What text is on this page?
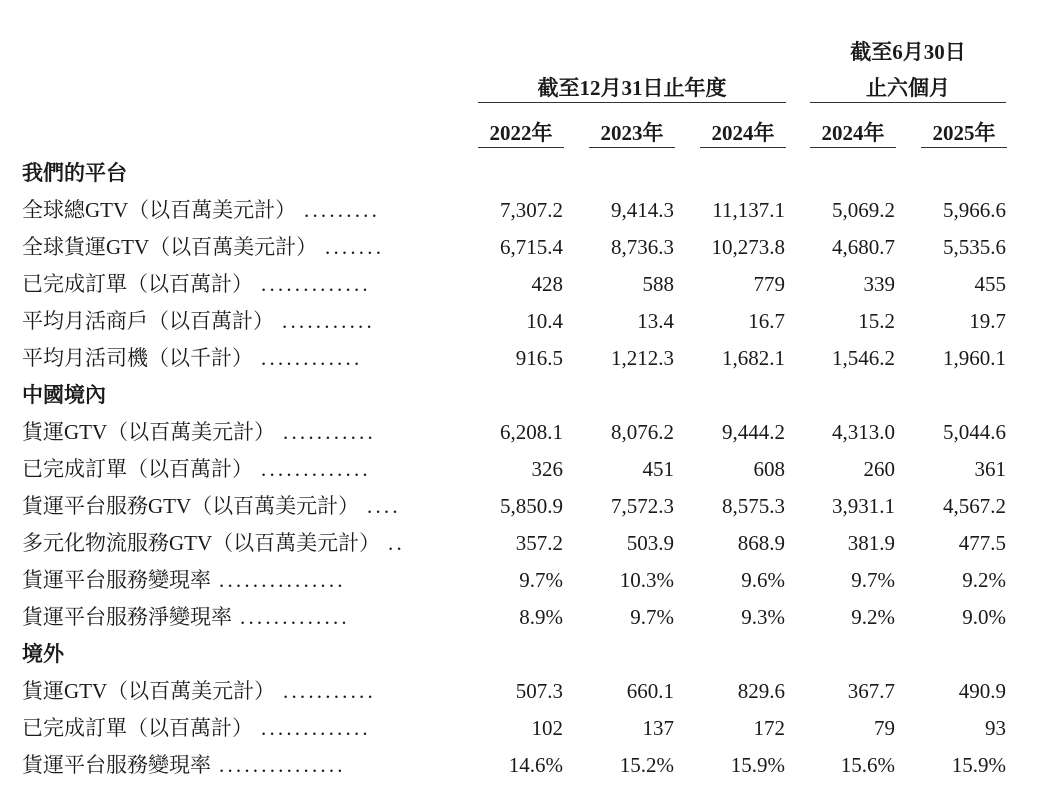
截至6月30日
止六個月
截至12月31日止年度
2022年	2023年	2024年	2024年	2025年
我們的平台
全球總GTV（以百萬美元計） .........	7,307.2	9,414.3	11,137.1	5,069.2	5,966.6
全球貨運GTV（以百萬美元計） .......	6,715.4	8,736.3	10,273.8	4,680.7	5,535.6
已完成訂單（以百萬計） .............	428	588	779	339	455
平均月活商戶（以百萬計） ...........	10.4	13.4	16.7	15.2	19.7
平均月活司機（以千計） ............	916.5	1,212.3	1,682.1	1,546.2	1,960.1
中國境內
貨運GTV（以百萬美元計） ...........	6,208.1	8,076.2	9,444.2	4,313.0	5,044.6
已完成訂單（以百萬計） .............	326	451	608	260	361
貨運平台服務GTV（以百萬美元計） ....	5,850.9	7,572.3	8,575.3	3,931.1	4,567.2
多元化物流服務GTV（以百萬美元計） ..	357.2	503.9	868.9	381.9	477.5
貨運平台服務變現率 ...............	9.7%	10.3%	9.6%	9.7%	9.2%
貨運平台服務淨變現率 .............	8.9%	9.7%	9.3%	9.2%	9.0%
境外
貨運GTV（以百萬美元計） ...........	507.3	660.1	829.6	367.7	490.9
已完成訂單（以百萬計） .............	102	137	172	79	93
貨運平台服務變現率 ...............	14.6%	15.2%	15.9%	15.6%	15.9%
